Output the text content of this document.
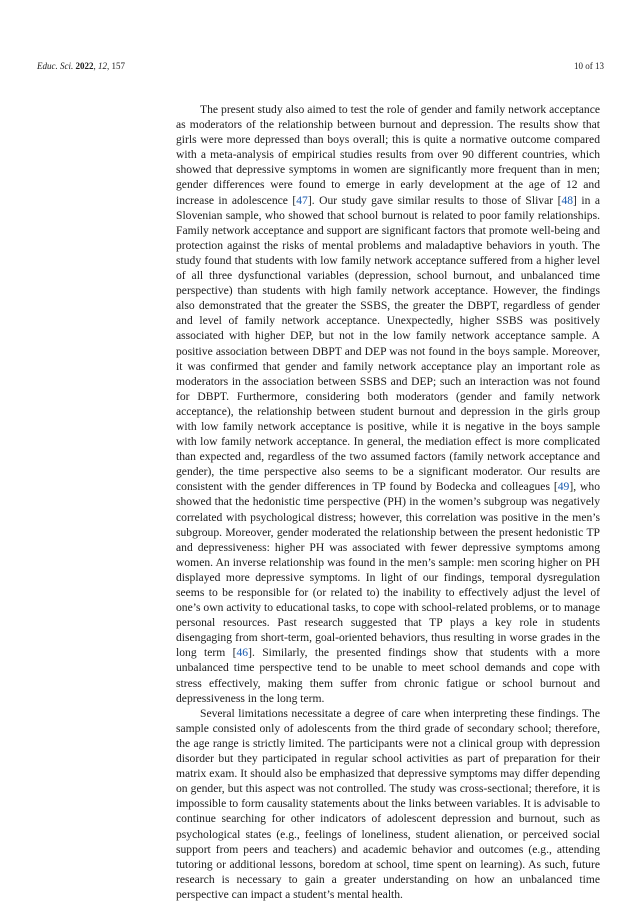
Educ. Sci. 2022, 12, 157	10 of 13

The present study also aimed to test the role of gender and family network acceptance as moderators of the relationship between burnout and depression. The results show that girls were more depressed than boys overall; this is quite a normative outcome compared with a meta-analysis of empirical studies results from over 90 different countries, which showed that depressive symptoms in women are significantly more frequent than in men; gender differences were found to emerge in early development at the age of 12 and increase in adolescence [47]. Our study gave similar results to those of Slivar [48] in a Slovenian sample, who showed that school burnout is related to poor family relationships. Family network acceptance and support are significant factors that promote well-being and protection against the risks of mental problems and maladaptive behaviors in youth. The study found that students with low family network acceptance suffered from a higher level of all three dysfunctional variables (depression, school burnout, and unbalanced time perspective) than students with high family network acceptance. However, the findings also demonstrated that the greater the SSBS, the greater the DBPT, regardless of gender and level of family network acceptance. Unexpectedly, higher SSBS was positively associated with higher DEP, but not in the low family network acceptance sample. A positive association between DBPT and DEP was not found in the boys sample. Moreover, it was confirmed that gender and family network acceptance play an important role as moderators in the association between SSBS and DEP; such an interaction was not found for DBPT. Furthermore, considering both moderators (gender and family network acceptance), the relationship between student burnout and depression in the girls group with low family network acceptance is positive, while it is negative in the boys sample with low family network acceptance. In general, the mediation effect is more complicated than expected and, regardless of the two assumed factors (family network acceptance and gender), the time perspective also seems to be a significant moderator. Our results are consistent with the gender differences in TP found by Bodecka and colleagues [49], who showed that the hedonistic time perspective (PH) in the women’s subgroup was negatively correlated with psychological distress; however, this correlation was positive in the men’s subgroup. Moreover, gender moderated the relationship between the present hedonistic TP and depressiveness: higher PH was associated with fewer depressive symptoms among women. An inverse relationship was found in the men’s sample: men scoring higher on PH displayed more depressive symptoms. In light of our findings, temporal dysregulation seems to be responsible for (or related to) the inability to effectively adjust the level of one’s own activity to educational tasks, to cope with school-related problems, or to manage personal resources. Past research suggested that TP plays a key role in students disengaging from short-term, goal-oriented behaviors, thus resulting in worse grades in the long term [46]. Similarly, the presented findings show that students with a more unbalanced time perspective tend to be unable to meet school demands and cope with stress effectively, making them suffer from chronic fatigue or school burnout and depressiveness in the long term.

Several limitations necessitate a degree of care when interpreting these findings. The sample consisted only of adolescents from the third grade of secondary school; therefore, the age range is strictly limited. The participants were not a clinical group with depression disorder but they participated in regular school activities as part of preparation for their matrix exam. It should also be emphasized that depressive symptoms may differ depending on gender, but this aspect was not controlled. The study was cross-sectional; therefore, it is impossible to form causality statements about the links between variables. It is advisable to continue searching for other indicators of adolescent depression and burnout, such as psychological states (e.g., feelings of loneliness, student alienation, or perceived social support from peers and teachers) and academic behavior and outcomes (e.g., attending tutoring or additional lessons, boredom at school, time spent on learning). As such, future research is necessary to gain a greater understanding on how an unbalanced time perspective can impact a student’s mental health.
